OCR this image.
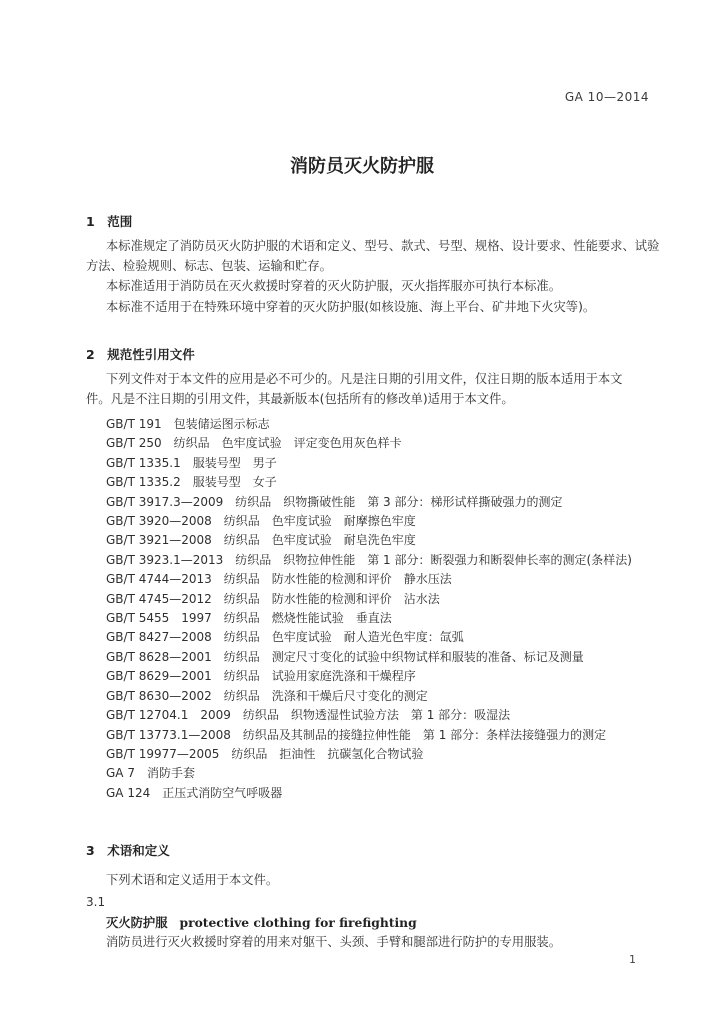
GA 10—2014
消防员灭火防护服
1　范围
本标准规定了消防员灭火防护服的术语和定义、型号、款式、号型、规格、设计要求、性能要求、试验
方法、检验规则、标志、包装、运输和贮存。
本标准适用于消防员在灭火救援时穿着的灭火防护服，灭火指挥服亦可执行本标准。
本标准不适用于在特殊环境中穿着的灭火防护服(如核设施、海上平台、矿井地下火灾等)。
2　规范性引用文件
下列文件对于本文件的应用是必不可少的。凡是注日期的引用文件，仅注日期的版本适用于本文
件。凡是不注日期的引用文件，其最新版本(包括所有的修改单)适用于本文件。
GB/T 191　包装储运图示标志
GB/T 250　纺织品　色牢度试验　评定变色用灰色样卡
GB/T 1335.1　服装号型　男子
GB/T 1335.2　服装号型　女子
GB/T 3917.3—2009　纺织品　织物撕破性能　第 3 部分：梯形试样撕破强力的测定
GB/T 3920—2008　纺织品　色牢度试验　耐摩擦色牢度
GB/T 3921—2008　纺织品　色牢度试验　耐皂洗色牢度
GB/T 3923.1—2013　纺织品　织物拉伸性能　第 1 部分：断裂强力和断裂伸长率的测定(条样法)
GB/T 4744—2013　纺织品　防水性能的检测和评价　静水压法
GB/T 4745—2012　纺织品　防水性能的检测和评价　沾水法
GB/T 5455　1997　纺织品　燃烧性能试验　垂直法
GB/T 8427—2008　纺织品　色牢度试验　耐人造光色牢度：氙弧
GB/T 8628—2001　纺织品　测定尺寸变化的试验中织物试样和服装的准备、标记及测量
GB/T 8629—2001　纺织品　试验用家庭洗涤和干燥程序
GB/T 8630—2002　纺织品　洗涤和干燥后尺寸变化的测定
GB/T 12704.1　2009　纺织品　织物透湿性试验方法　第 1 部分：吸湿法
GB/T 13773.1—2008　纺织品及其制品的接缝拉伸性能　第 1 部分：条样法接缝强力的测定
GB/T 19977—2005　纺织品　拒油性　抗碳氢化合物试验
GA 7　消防手套
GA 124　正压式消防空气呼吸器
3　术语和定义
下列术语和定义适用于本文件。
3.1
灭火防护服 protective clothing for firefighting
消防员进行灭火救援时穿着的用来对躯干、头颈、手臂和腿部进行防护的专用服装。
1
